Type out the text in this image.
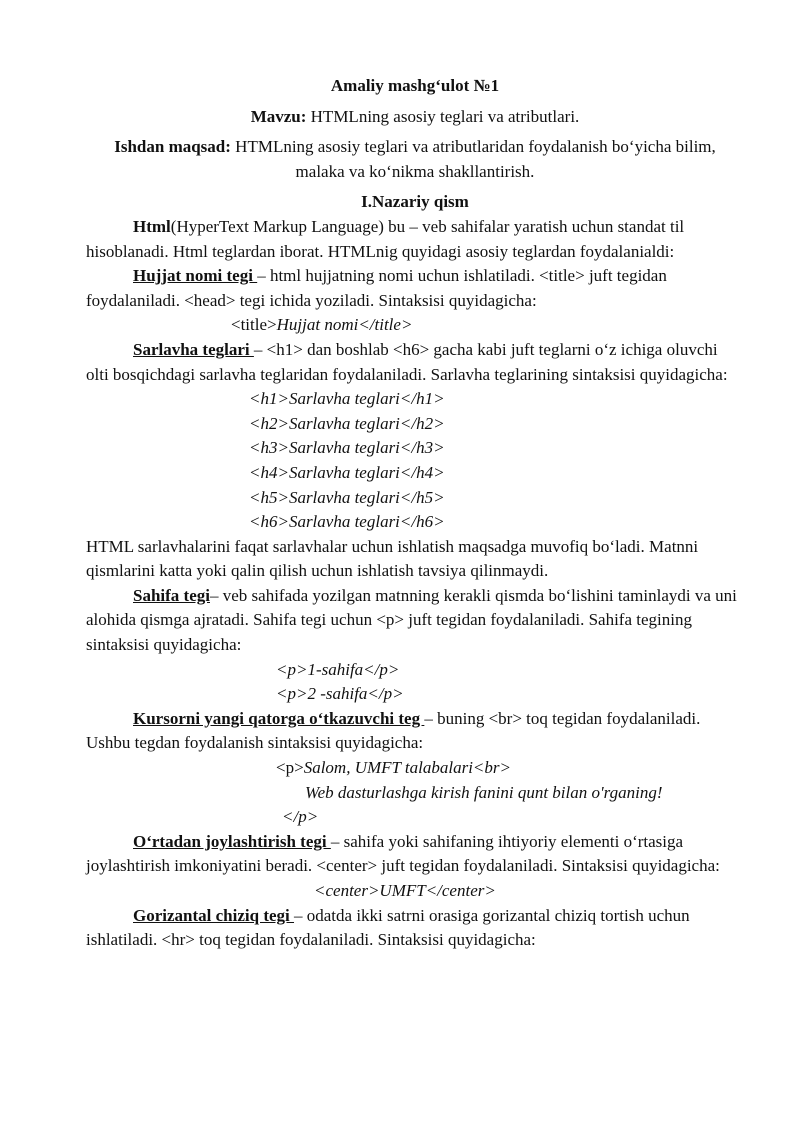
Amaliy mashg‘ulot №1

Mavzu: HTMLning asosiy teglari va atributlari.

Ishdan maqsad: HTMLning asosiy teglari va atributlaridan foydalanish bo‘yicha bilim, malaka va ko‘nikma shakllantirish.

I.Nazariy qism

Html(HyperText Markup Language) bu – veb sahifalar yaratish uchun standat til hisoblanadi. Html teglardan iborat. HTMLnig quyidagi asosiy teglardan foydalanialdi:

Hujjat nomi tegi – html hujjatning nomi uchun ishlatiladi. <title> juft tegidan foydalaniladi. <head> tegi ichida yoziladi. Sintaksisi quyidagicha:

<title>Hujjat nomi</title>

Sarlavha teglari – <h1> dan boshlab <h6> gacha kabi juft teglarni o‘z ichiga oluvchi olti bosqichdagi sarlavha teglaridan foydalaniladi. Sarlavha teglarining sintaksisi quyidagicha:

<h1>Sarlavha teglari</h1>

<h2>Sarlavha teglari</h2>

<h3>Sarlavha teglari</h3>

<h4>Sarlavha teglari</h4>

<h5>Sarlavha teglari</h5>

<h6>Sarlavha teglari</h6>

HTML sarlavhalarini faqat sarlavhalar uchun ishlatish maqsadga muvofiq bo‘ladi. Matnni qismlarini katta yoki qalin qilish uchun ishlatish tavsiya qilinmaydi.

Sahifa tegi– veb sahifada yozilgan matnning kerakli qismda bo‘lishini taminlaydi va uni alohida qismga ajratadi. Sahifa tegi uchun <p> juft tegidan foydalaniladi. Sahifa tegining sintaksisi quyidagicha:

<p>1-sahifa</p>

<p>2 -sahifa</p>

Kursorni yangi qatorga o‘tkazuvchi teg – buning <br> toq tegidan foydalaniladi. Ushbu tegdan foydalanish sintaksisi quyidagicha:

<p>Salom, UMFT talabalari<br>

Web dasturlashga kirish fanini qunt bilan o'rganing!

</p>

O‘rtadan joylashtirish tegi – sahifa yoki sahifaning ihtiyoriy elementi o‘rtasiga joylashtirish imkoniyatini beradi. <center> juft tegidan foydalaniladi. Sintaksisi quyidagicha:

<center>UMFT</center>

Gorizantal chiziq tegi – odatda ikki satrni orasiga gorizantal chiziq tortish uchun ishlatiladi. <hr> toq tegidan foydalaniladi. Sintaksisi quyidagicha:
